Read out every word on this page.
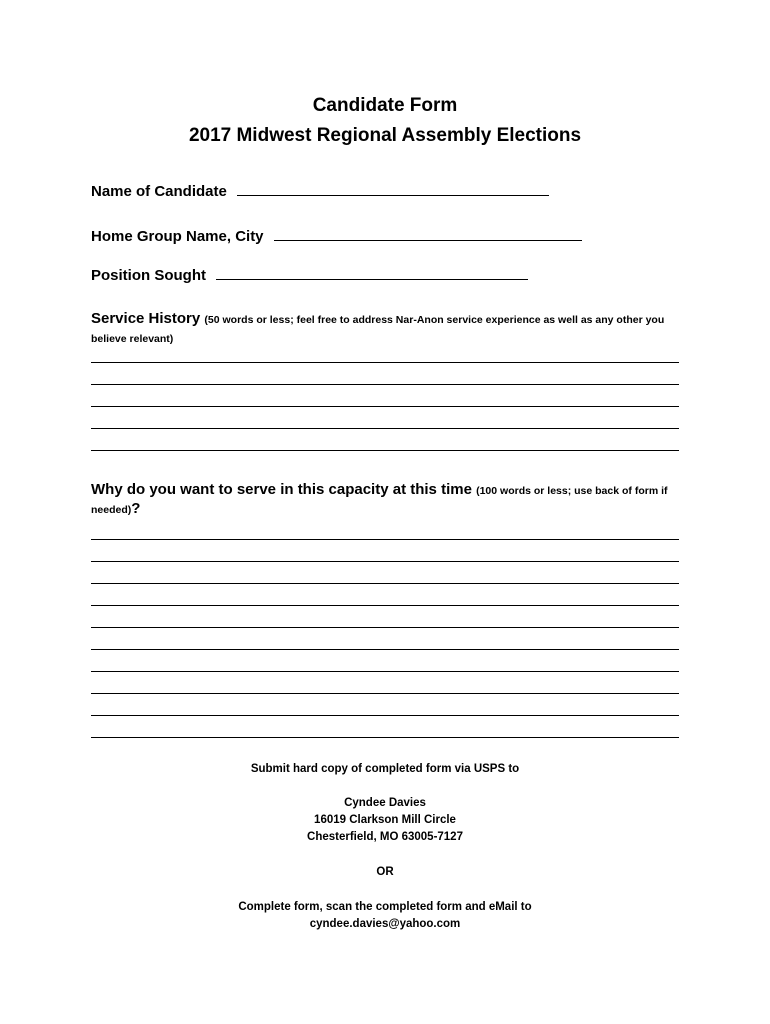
Candidate Form
2017 Midwest Regional Assembly Elections
Name of Candidate
Home Group Name, City
Position Sought
Service History (50 words or less; feel free to address Nar-Anon service experience as well as any other you believe relevant)
Why do you want to serve in this capacity at this time (100 words or less; use back of form if needed)?
Submit hard copy of completed form via USPS to
Cyndee Davies
16019 Clarkson Mill Circle
Chesterfield, MO 63005-7127
OR
Complete form, scan the completed form and eMail to
cyndee.davies@yahoo.com
